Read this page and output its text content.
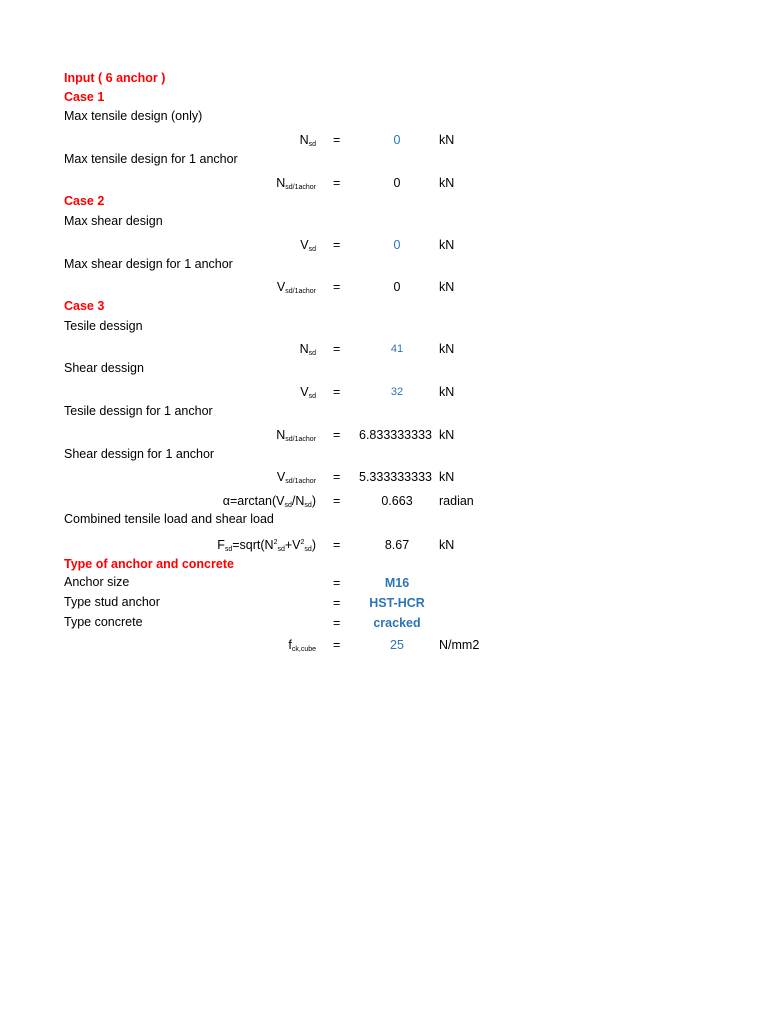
Input ( 6 anchor )
Case 1
Max tensile design (only)
$N_{sd}$ =	0	kN
Max tensile design for 1 anchor
$N_{sd/1achor}$ =	0	kN
Case 2
Max shear design
$V_{sd}$ =	0	kN
Max shear design for 1 anchor
$V_{sd/1achor}$ =	0	kN
Case 3
Tesile dessign
$N_{sd}$ =	41	kN
Shear dessign
$V_{sd}$ =	32	kN
Tesile dessign for 1 anchor
$N_{sd/1achor} = 6.833333333$ kN
Shear dessign for 1 anchor
$V_{sd/1achor} = 5.333333333$ kN
$\alpha=\arctan(V_{sd}/N_{sd})$ =	0.663	radian
Combined tensile load and shear load
$F_{sd}=sqrt(N^2_{sd}+V^2_{sd})$ =	8.67	kN
Type of anchor and concrete
Anchor size	=	M16
Type stud anchor	=	HST-HCR
Type concrete	=	cracked
$f_{ck,cube}$ =	25	N/mm2
